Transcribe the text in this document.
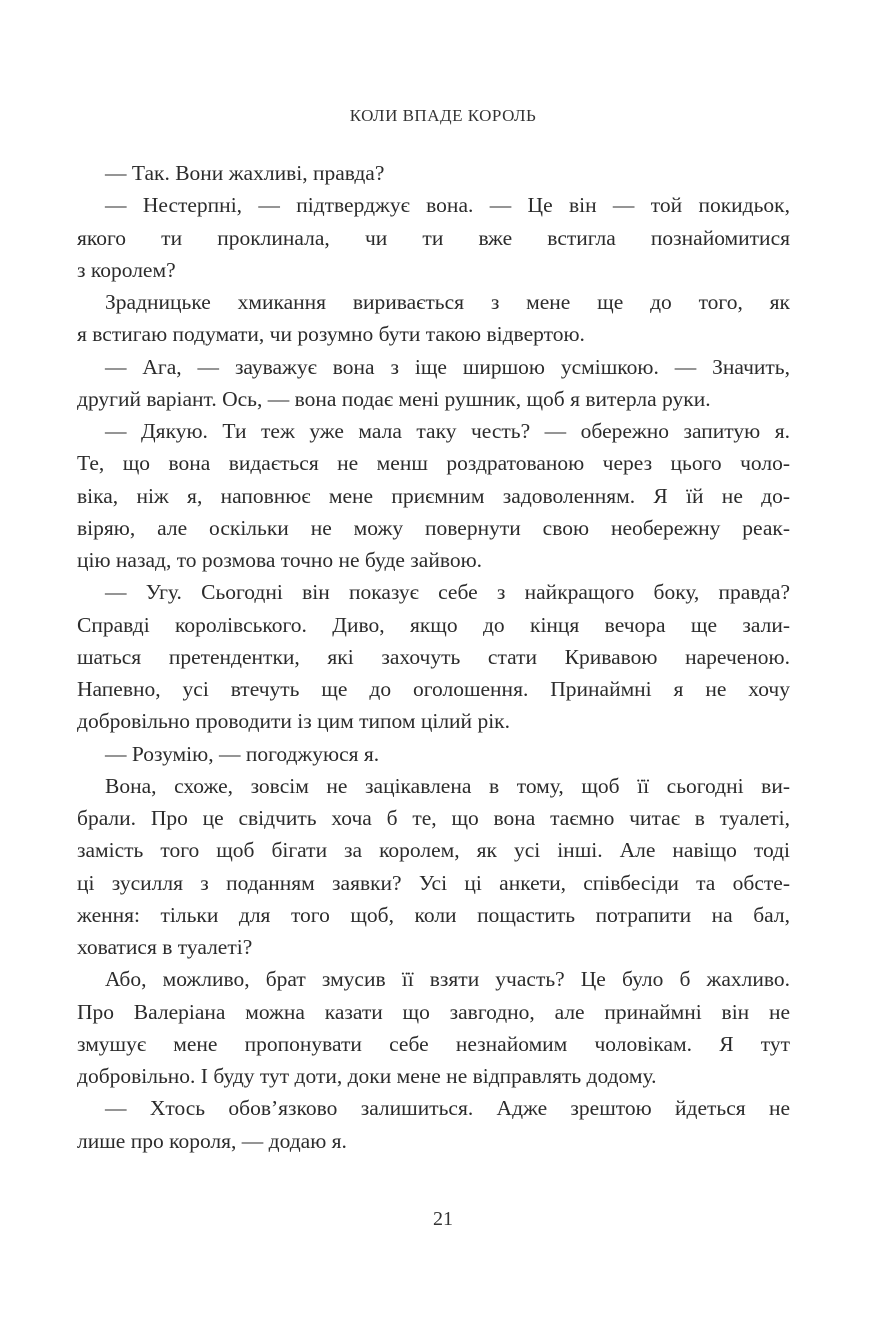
КОЛИ ВПАДЕ КОРОЛЬ
— Так. Вони жахливі, правда?
— Нестерпні, — підтверджує вона. — Це він — той покидьок,
якого ти проклинала, чи ти вже встигла познайомитися
з королем?
Зрадницьке хмикання виривається з мене ще до того, як
я встигаю подумати, чи розумно бути такою відвертою.
— Ага, — зауважує вона з іще ширшою усмішкою. — Значить,
другий варіант. Ось, — вона подає мені рушник, щоб я витерла руки.
— Дякую. Ти теж уже мала таку честь? — обережно запитую я.
Те, що вона видається не менш роздратованою через цього чоло-
віка, ніж я, наповнює мене приємним задоволенням. Я їй не до-
віряю, але оскільки не можу повернути свою необережну реак-
цію назад, то розмова точно не буде зайвою.
— Угу. Сьогодні він показує себе з найкращого боку, правда?
Справді королівського. Диво, якщо до кінця вечора ще зали-
шаться претендентки, які захочуть стати Кривавою нареченою.
Напевно, усі втечуть ще до оголошення. Принаймні я не хочу
добровільно проводити із цим типом цілий рік.
— Розумію, — погоджуюся я.
Вона, схоже, зовсім не зацікавлена в тому, щоб її сьогодні ви-
брали. Про це свідчить хоча б те, що вона таємно читає в туалеті,
замість того щоб бігати за королем, як усі інші. Але навіщо тоді
ці зусилля з поданням заявки? Усі ці анкети, співбесіди та обсте-
ження: тільки для того щоб, коли пощастить потрапити на бал,
ховатися в туалеті?
Або, можливо, брат змусив її взяти участь? Це було б жахливо.
Про Валеріана можна казати що завгодно, але принаймні він не
змушує мене пропонувати себе незнайомим чоловікам. Я тут
добровільно. І буду тут доти, доки мене не відправлять додому.
— Хтось обов’язково залишиться. Адже зрештою йдеться не
лише про короля, — додаю я.
21
